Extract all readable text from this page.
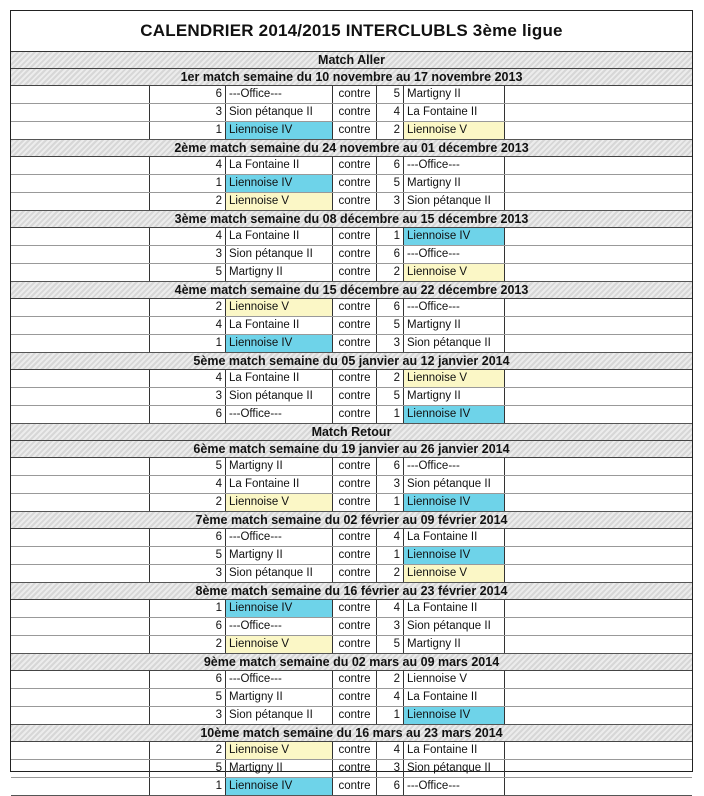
CALENDRIER 2014/2015 INTERCLUBLS 3ème ligue
Match Aller
1er match semaine du 10 novembre au 17 novembre 2013
6 ---Office---	contre	5 Martigny II
3 Sion pétanque II	contre	4 La Fontaine II
1 Liennoise IV	contre	2 Liennoise V
2ème match semaine du 24 novembre au 01 décembre 2013
4 La Fontaine II	contre	6 ---Office---
1 Liennoise IV	contre	5 Martigny II
2 Liennoise V	contre	3 Sion pétanque II
3ème match semaine du 08 décembre au 15 décembre 2013
4 La Fontaine II	contre	1 Liennoise IV
3 Sion pétanque II	contre	6 ---Office---
5 Martigny II	contre	2 Liennoise V
4ème match semaine du 15 décembre au 22 décembre 2013
2 Liennoise V	contre	6 ---Office---
4 La Fontaine II	contre	5 Martigny II
1 Liennoise IV	contre	3 Sion pétanque II
5ème match semaine du 05 janvier au 12 janvier 2014
4 La Fontaine II	contre	2 Liennoise V
3 Sion pétanque II	contre	5 Martigny II
6 ---Office---	contre	1 Liennoise IV
Match Retour
6ème match semaine du 19 janvier au 26 janvier 2014
5 Martigny II	contre	6 ---Office---
4 La Fontaine II	contre	3 Sion pétanque II
2 Liennoise V	contre	1 Liennoise IV
7ème match semaine du 02 février au 09 février 2014
6 ---Office---	contre	4 La Fontaine II
5 Martigny II	contre	1 Liennoise IV
3 Sion pétanque II	contre	2 Liennoise V
8ème match semaine du 16 février au 23 février 2014
1 Liennoise IV	contre	4 La Fontaine II
6 ---Office---	contre	3 Sion pétanque II
2 Liennoise V	contre	5 Martigny II
9ème match semaine du 02 mars au 09 mars 2014
6 ---Office---	contre	2 Liennoise V
5 Martigny II	contre	4 La Fontaine II
3 Sion pétanque II	contre	1 Liennoise IV
10ème match semaine du 16 mars au 23 mars 2014
2 Liennoise V	contre	4 La Fontaine II
5 Martigny II	contre	3 Sion pétanque II
1 Liennoise IV	contre	6 ---Office---
